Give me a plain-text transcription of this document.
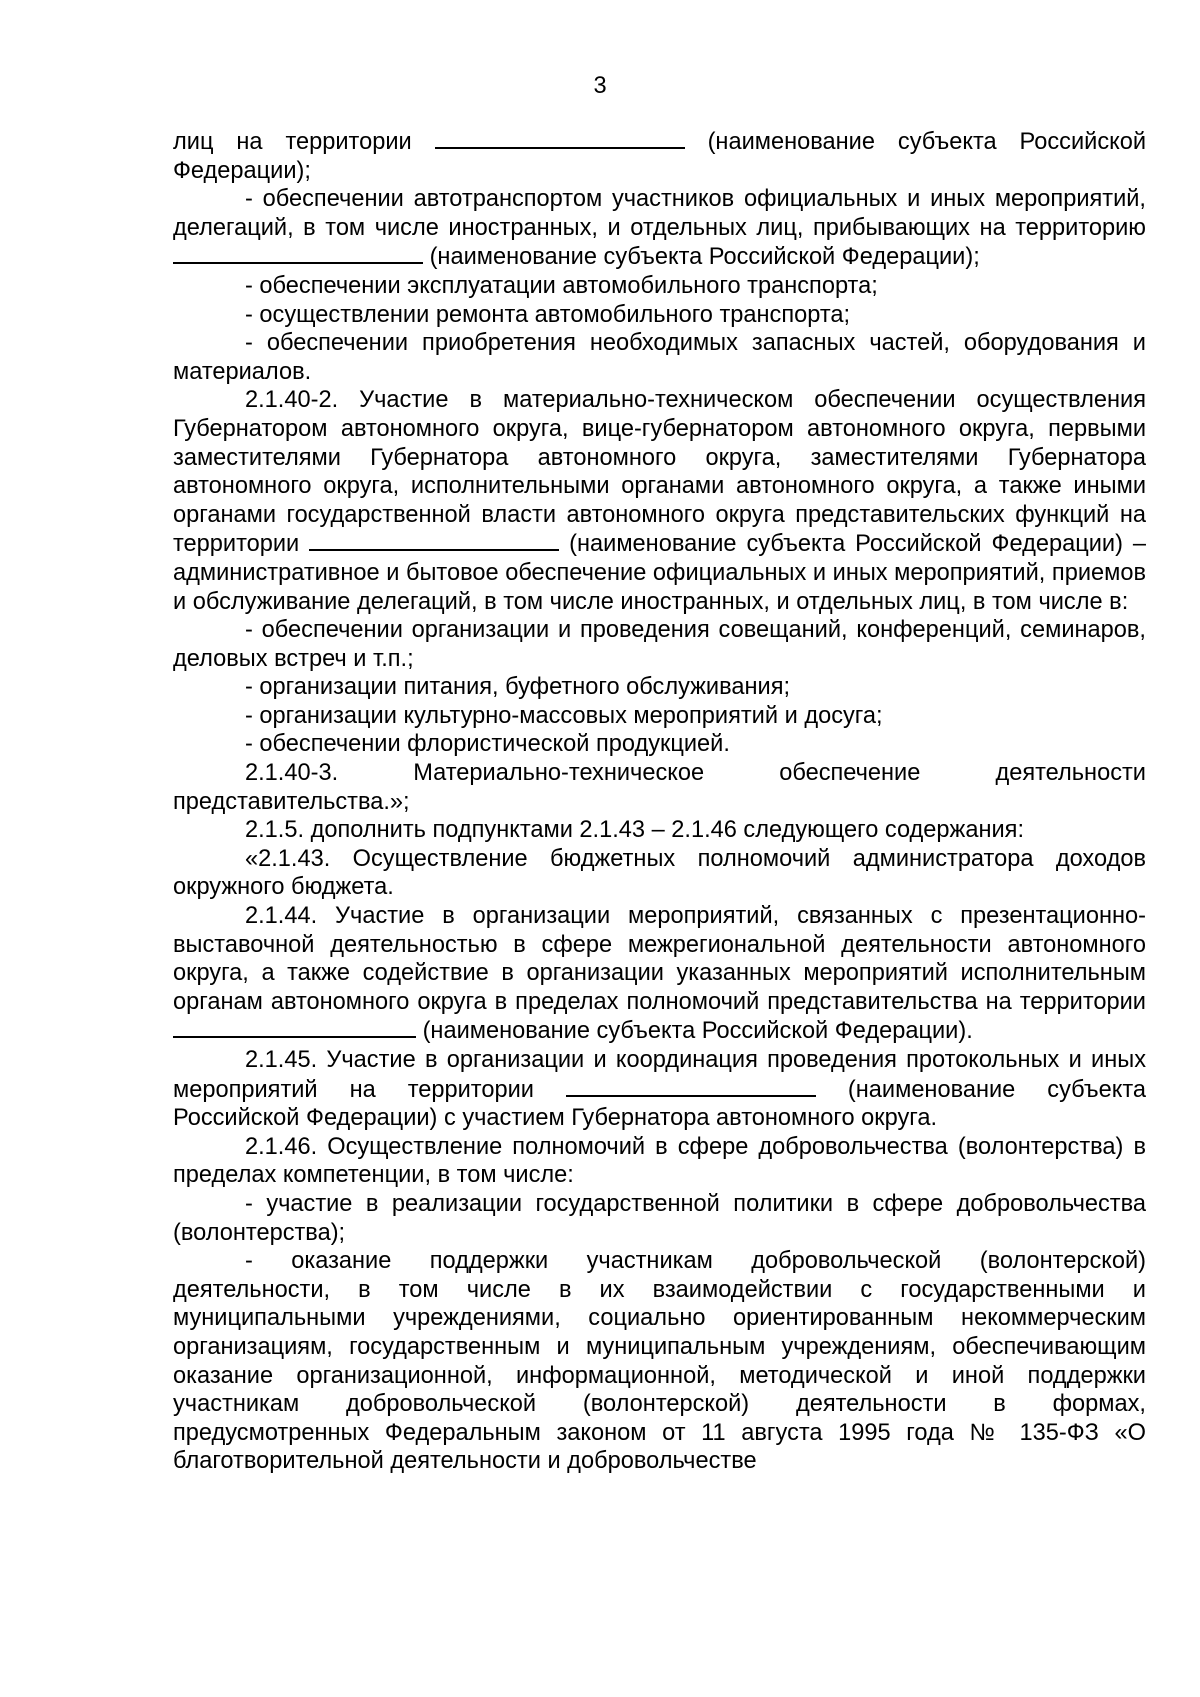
3

лиц на территории	(наименование субъекта Российской Федерации);

- обеспечении автотранспортом участников официальных и иных мероприятий, делегаций, в том числе иностранных, и отдельных лиц, прибывающих на территорию  (наименование субъекта Российской Федерации);

- обеспечении эксплуатации автомобильного транспорта;

- осуществлении ремонта автомобильного транспорта;

- обеспечении приобретения необходимых запасных частей, оборудования и материалов.

2.1.40-2. Участие в материально-техническом обеспечении осуществления Губернатором автономного округа, вице-губернатором автономного округа, первыми заместителями Губернатора автономного округа, заместителями Губернатора автономного округа, исполнительными органами автономного округа, а также иными органами государственной власти автономного округа представительских функций на территории	(наименование субъекта Российской Федерации) – административное и бытовое обеспечение официальных и иных мероприятий, приемов и обслуживание делегаций, в том числе иностранных, и отдельных лиц, в том числе в:

- обеспечении организации и проведения совещаний, конференций, семинаров, деловых встреч и т.п.;

- организации питания, буфетного обслуживания;

- организации культурно-массовых мероприятий и досуга;

- обеспечении флористической продукцией.

2.1.40-3. Материально-техническое обеспечение деятельности представительства.»;

2.1.5. дополнить подпунктами 2.1.43 – 2.1.46 следующего содержания:

«2.1.43. Осуществление бюджетных полномочий администратора доходов окружного бюджета.

2.1.44. Участие в организации мероприятий, связанных с презентационно-выставочной деятельностью в сфере межрегиональной деятельности автономного округа, а также содействие в организации указанных мероприятий исполнительным органам автономного округа в пределах полномочий представительства на территории  (наименование субъекта Российской Федерации).

2.1.45. Участие в организации и координация проведения протокольных и иных мероприятий на территории	(наименование субъекта Российской Федерации) с участием Губернатора автономного округа.

2.1.46. Осуществление полномочий в сфере добровольчества (волонтерства) в пределах компетенции, в том числе:

- участие в реализации государственной политики в сфере добровольчества (волонтерства);

- оказание поддержки участникам добровольческой (волонтерской) деятельности, в том числе в их взаимодействии с государственными и муниципальными учреждениями, социально ориентированным некоммерческим организациям, государственным и муниципальным учреждениям, обеспечивающим оказание организационной, информационной, методической и иной поддержки участникам добровольческой (волонтерской) деятельности в формах, предусмотренных Федеральным законом от 11 августа 1995 года № 135-ФЗ «О благотворительной деятельности и добровольчестве
